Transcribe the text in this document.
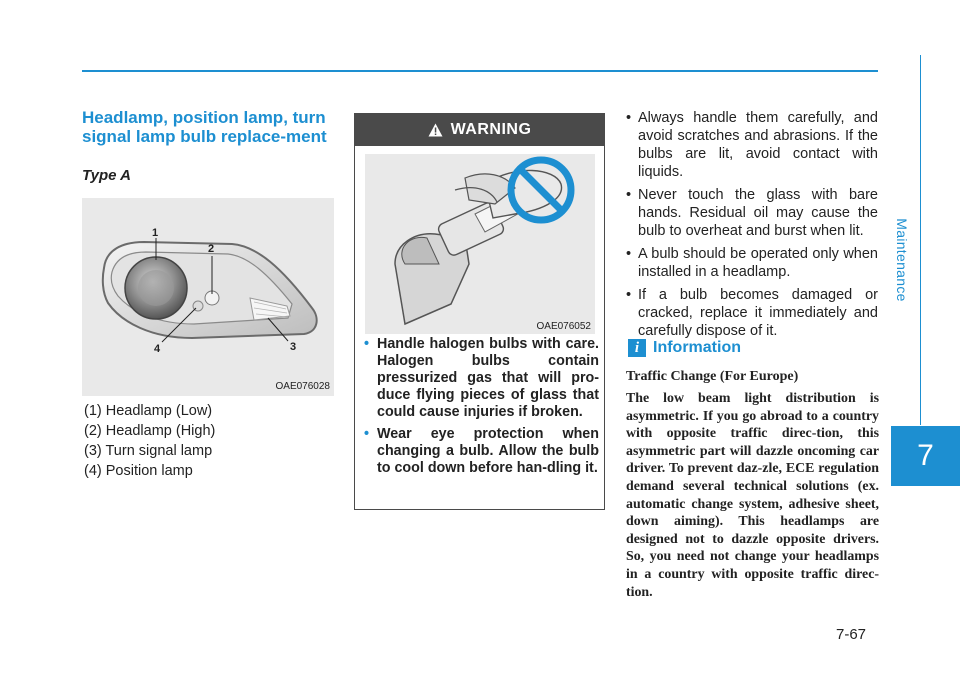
Maintenance
7
Headlamp, position lamp, turn signal lamp bulb replace-ment
Type A
1
2
3
4
OAE076028
(1) Headlamp (Low)
(2) Headlamp (High)
(3) Turn signal lamp
(4) Position lamp
WARNING
OAE076052
• Handle halogen bulbs with care. Halogen bulbs contain pressurized gas that will pro-duce flying pieces of glass that could cause injuries if broken.
• Wear eye protection when changing a bulb. Allow the bulb to cool down before han-dling it.
• Always handle them carefully, and avoid scratches and abrasions. If the bulbs are lit, avoid contact with liquids.
• Never touch the glass with bare hands. Residual oil may cause the bulb to overheat and burst when lit.
• A bulb should be operated only when installed in a headlamp.
• If a bulb becomes damaged or cracked, replace it immediately and carefully dispose of it.
i Information
Traffic Change (For Europe)
The low beam light distribution is asymmetric. If you go abroad to a country with opposite traffic direc-tion, this asymmetric part will dazzle oncoming car driver. To prevent daz-zle, ECE regulation demand several technical solutions (ex. automatic change system, adhesive sheet, down aiming). This headlamps are designed not to dazzle opposite drivers. So, you need not change your headlamps in a country with opposite traffic direc-tion.
7-67
